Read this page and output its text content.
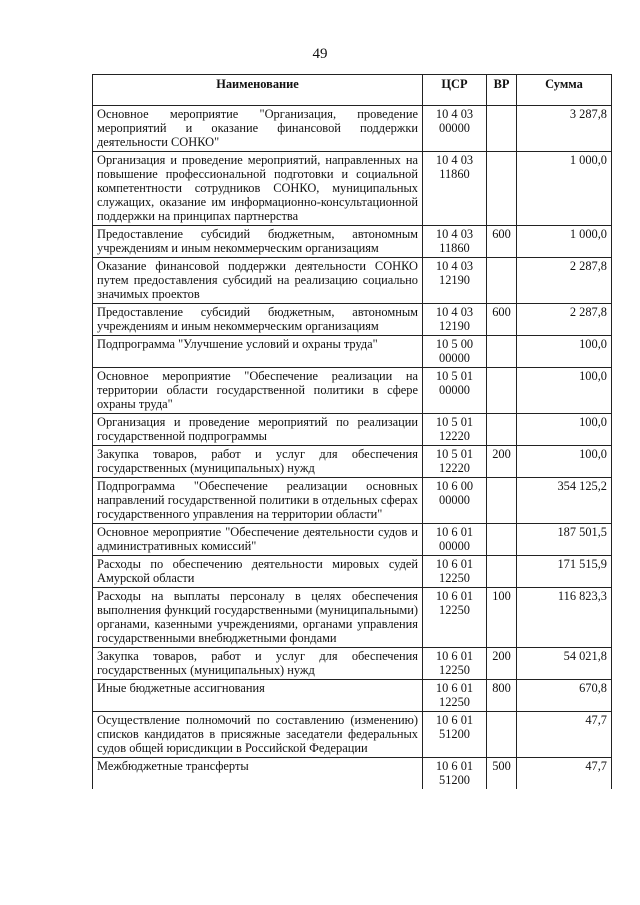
49
Наименование	ЦСР	ВР	Сумма
Основное мероприятие "Организация, проведение мероприятий и оказание финансовой поддержки деятельности СОНКО"	10 4 03 00000		3 287,8
Организация и проведение мероприятий, направленных на повышение профессиональной подготовки и социальной компетентности сотрудников СОНКО, муниципальных служащих, оказание им информационно-консультационной поддержки на принципах партнерства	10 4 03 11860		1 000,0
Предоставление субсидий бюджетным, автономным учреждениям и иным некоммерческим организациям	10 4 03 11860	600	1 000,0
Оказание финансовой поддержки деятельности СОНКО путем предоставления субсидий на реализацию социально значимых проектов	10 4 03 12190		2 287,8
Предоставление субсидий бюджетным, автономным учреждениям и иным некоммерческим организациям	10 4 03 12190	600	2 287,8
Подпрограмма "Улучшение условий и охраны труда"	10 5 00 00000		100,0
Основное мероприятие "Обеспечение реализации на территории области государственной политики в сфере охраны труда"	10 5 01 00000		100,0
Организация и проведение мероприятий по реализации государственной подпрограммы	10 5 01 12220		100,0
Закупка товаров, работ и услуг для обеспечения государственных (муниципальных) нужд	10 5 01 12220	200	100,0
Подпрограмма "Обеспечение реализации основных направлений государственной политики в отдельных сферах государственного управления на территории области"	10 6 00 00000		354 125,2
Основное мероприятие "Обеспечение деятельности судов и административных комиссий"	10 6 01 00000		187 501,5
Расходы по обеспечению деятельности мировых судей Амурской области	10 6 01 12250		171 515,9
Расходы на выплаты персоналу в целях обеспечения выполнения функций государственными (муниципальными) органами, казенными учреждениями, органами управления государственными внебюджетными фондами	10 6 01 12250	100	116 823,3
Закупка товаров, работ и услуг для обеспечения государственных (муниципальных) нужд	10 6 01 12250	200	54 021,8
Иные бюджетные ассигнования	10 6 01 12250	800	670,8
Осуществление полномочий по составлению (изменению) списков кандидатов в присяжные заседатели федеральных судов общей юрисдикции в Российской Федерации	10 6 01 51200		47,7
Межбюджетные трансферты	10 6 01 51200	500	47,7
